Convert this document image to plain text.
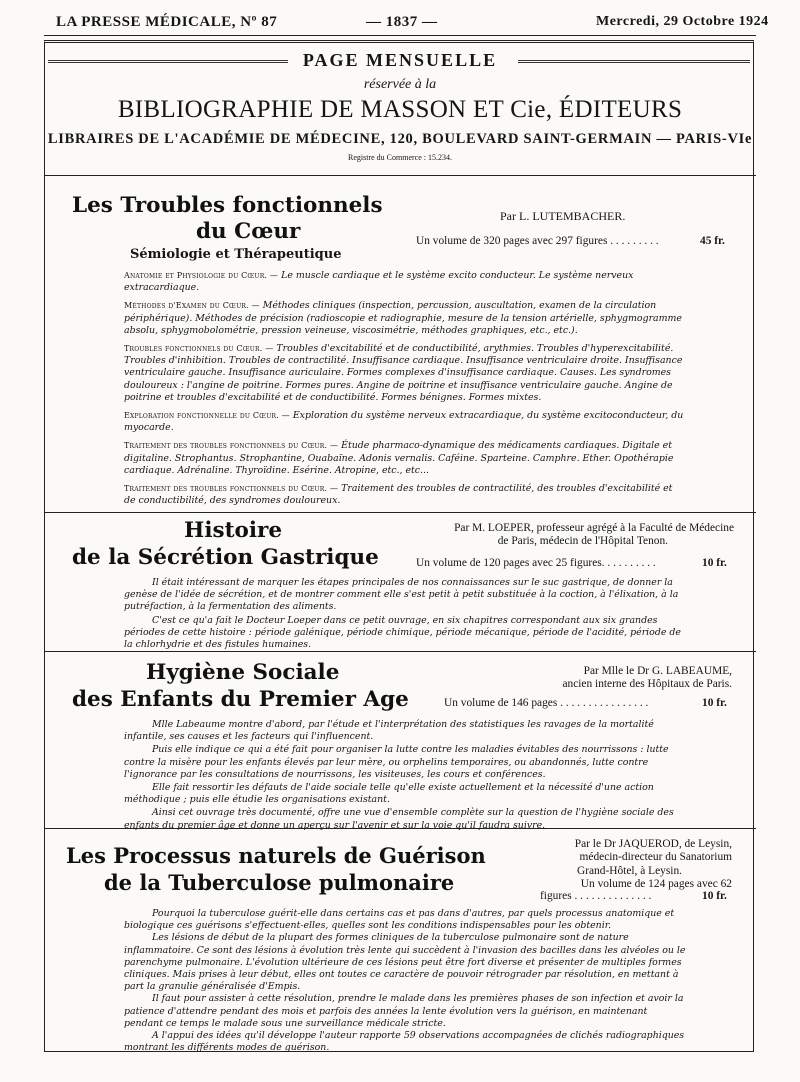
LA PRESSE MÉDICALE, Nº 87	— 1837 —	Mercredi, 29 Octobre 1924
PAGE MENSUELLE
réservée à la
BIBLIOGRAPHIE DE MASSON ET Cie, ÉDITEURS
LIBRAIRES DE L'ACADÉMIE DE MÉDECINE, 120, BOULEVARD SAINT-GERMAIN — PARIS-VIe
Registre du Commerce : 15.234.
Les Troubles fonctionnels
du Cœur
Sémiologie et Thérapeutique
Par L. LUTEMBACHER.
Un volume de 320 pages avec 297 figures . . . . . . . . .	45 fr.

Anatomie et Physiologie du Cœur. — Le muscle cardiaque et le système excito conducteur. Le système nerveux extracardiaque.

Méthodes d'Examen du Cœur. — Méthodes cliniques (inspection, percussion, auscultation, examen de la circulation périphérique). Méthodes de précision (radioscopie et radiographie, mesure de la tension artérielle, sphygmogramme absolu, sphygmobolométrie, pression veineuse, viscosimétrie, méthodes graphiques, etc., etc.).

Troubles fonctionnels du Cœur. — Troubles d'excitabilité et de conductibilité, arythmies. Troubles d'hyperexcitabilité. Troubles d'inhibition. Troubles de contractilité. Insuffisance cardiaque. Insuffisance ventriculaire droite. Insuffisance ventriculaire gauche. Insuffisance auriculaire. Formes complexes d'insuffisance cardiaque. Causes. Les syndromes douloureux : l'angine de poitrine. Formes pures. Angine de poitrine et insuffisance ventriculaire gauche. Angine de poitrine et troubles d'excitabilité et de conductibilité. Formes bénignes. Formes mixtes.

Exploration fonctionnelle du Cœur. — Exploration du système nerveux extracardiaque, du système excitoconducteur, du myocarde.

Traitement des troubles fonctionnels du Cœur. — Étude pharmaco-dynamique des médicaments cardiaques. Digitale et digitaline. Strophantus. Strophantine, Ouabaïne. Adonis vernalis. Caféine. Sparteine. Camphre. Ether. Opothérapie cardiaque. Adrénaline. Thyroïdine. Esérine. Atropine, etc., etc...

Traitement des troubles fonctionnels du Cœur. — Traitement des troubles de contractilité, des troubles d'excitabilité et de conductibilité, des syndromes douloureux.

Histoire
de la Sécrétion Gastrique
Par M. LOEPER, professeur agrégé à la Faculté de Médecine
de Paris, médecin de l'Hôpital Tenon.
Un volume de 120 pages avec 25 figures. . . . . . . . . .	10 fr.

Il était intéressant de marquer les étapes principales de nos connaissances sur le suc gastrique, de donner la genèse de l'idée de sécrétion, et de montrer comment elle s'est petit à petit substituée à la coction, à l'élixation, à la putréfaction, à la fermentation des aliments.

C'est ce qu'a fait le Docteur Loeper dans ce petit ouvrage, en six chapitres correspondant aux six grandes périodes de cette histoire : période galénique, période chimique, période mécanique, période de l'acidité, période de la chlorhydrie et des fistules humaines.

Hygiène Sociale
des Enfants du Premier Age
Par Mlle le Dr G. LABEAUME,
ancien interne des Hôpitaux de Paris.
Un volume de 146 pages . . . . . . . . . . . . . . . .	10 fr.

Mlle Labeaume montre d'abord, par l'étude et l'interprétation des statistiques les ravages de la mortalité infantile, ses causes et les facteurs qui l'influencent.

Puis elle indique ce qui a été fait pour organiser la lutte contre les maladies évitables des nourrissons : lutte contre la misère pour les enfants élevés par leur mère, ou orphelins temporaires, ou abandonnés, lutte contre l'ignorance par les consultations de nourrissons, les visiteuses, les cours et conférences.

Elle fait ressortir les défauts de l'aide sociale telle qu'elle existe actuellement et la nécessité d'une action méthodique ; puis elle étudie les organisations existant.

Ainsi cet ouvrage très documenté, offre une vue d'ensemble complète sur la question de l'hygiène sociale des enfants du premier âge et donne un aperçu sur l'avenir et sur la voie qu'il faudra suivre.

Les Processus naturels de Guérison
de la Tuberculose pulmonaire
Par le Dr JAQUEROD, de Leysin,
médecin-directeur du Sanatorium
Grand-Hôtel, à Leysin.
Un volume de 124 pages avec 62
figures . . . . . . . . . . . . . .	10 fr.

Pourquoi la tuberculose guérit-elle dans certains cas et pas dans d'autres, par quels processus anatomique et biologique ces guérisons s'effectuent-elles, quelles sont les conditions indispensables pour les obtenir.

Les lésions de début de la plupart des formes cliniques de la tuberculose pulmonaire sont de nature inflammatoire. Ce sont des lésions à évolution très lente qui succèdent à l'invasion des bacilles dans les alvéoles ou le parenchyme pulmonaire. L'évolution ultérieure de ces lésions peut être fort diverse et présenter de multiples formes cliniques. Mais prises à leur début, elles ont toutes ce caractère de pouvoir rétrograder par résolution, en mettant à part la granulie généralisée d'Empis.

Il faut pour assister à cette résolution, prendre le malade dans les premières phases de son infection et avoir la patience d'attendre pendant des mois et parfois des années la lente évolution vers la guérison, en maintenant pendant ce temps le malade sous une surveillance médicale stricte.

A l'appui des idées qu'il développe l'auteur rapporte 59 observations accompagnées de clichés radiographiques montrant les différents modes de guérison.
